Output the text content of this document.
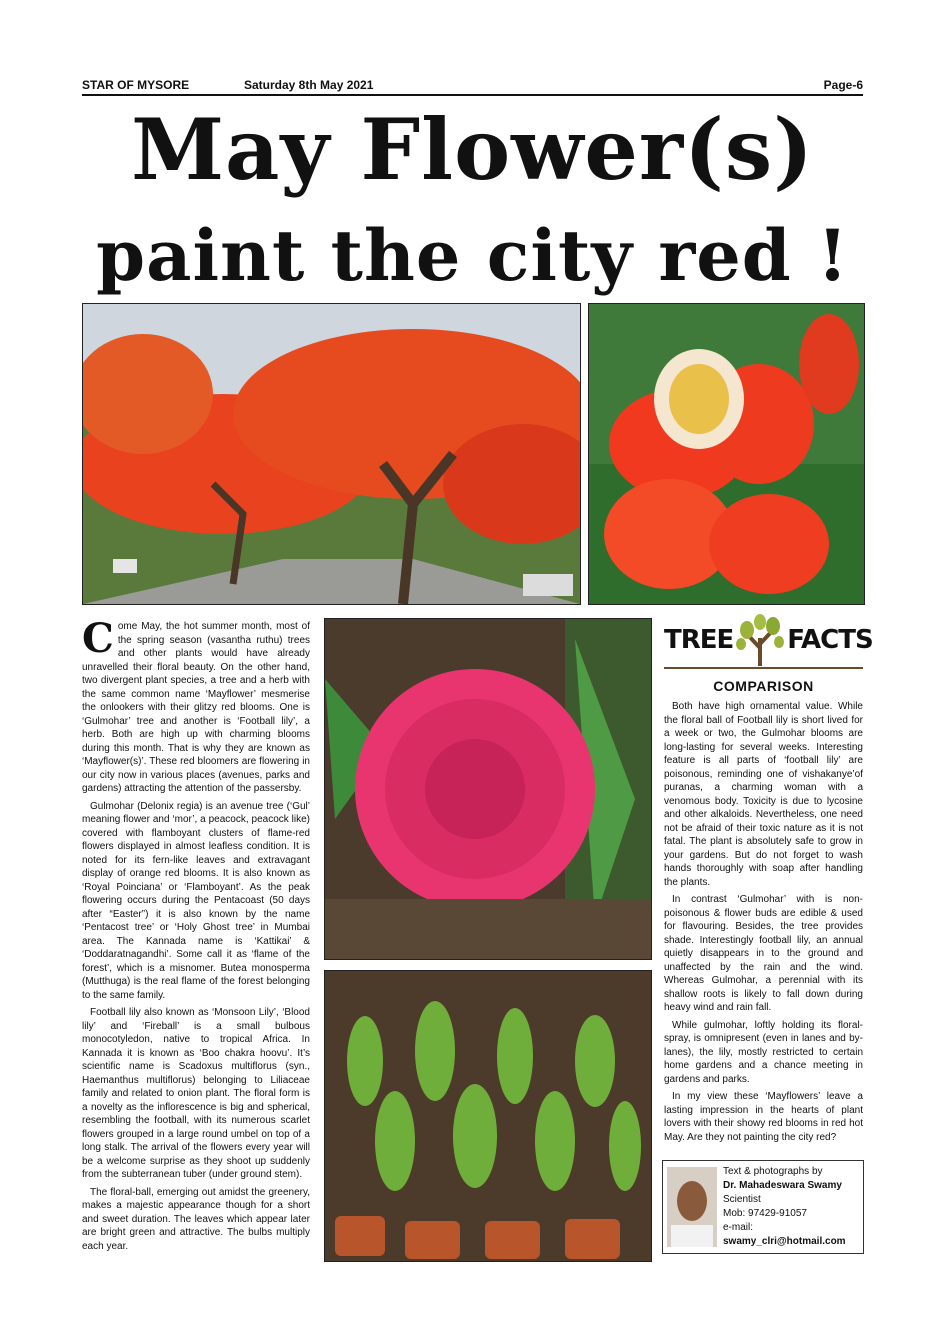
STAR OF MYSORE	Saturday 8th May 2021	Page-6
May Flower(s)
paint the city red !

Come May, the hot summer month, most of the spring season (vasantha ruthu) trees and other plants would have already unravelled their floral beauty. On the other hand, two divergent plant species, a tree and a herb with the same common name ‘Mayflower’ mesmerise the onlookers with their glitzy red blooms. One is ‘Gulmohar’ tree and another is ‘Football lily’, a herb. Both are high up with charming blooms during this month. That is why they are known as ‘Mayflower(s)’. These red bloomers are flowering in our city now in various places (avenues, parks and gardens) attracting the attention of the passersby.

Gulmohar (Delonix regia) is an avenue tree (‘Gul’ meaning flower and ‘mor’, a peacock, peacock like) covered with flamboyant clusters of flame-red flowers displayed in almost leafless condition. It is noted for its fern-like leaves and extravagant display of orange red blooms. It is also known as ‘Royal Poinciana’ or ‘Flamboyant’. As the peak flowering occurs during the Pentacoast (50 days after “Easter”) it is also known by the name ‘Pentacost tree’ or ‘Holy Ghost tree’ in Mumbai area. The Kannada name is ‘Kattikai’ & ‘Doddaratnagandhi’. Some call it as ‘flame of the forest’, which is a misnomer. Butea monosperma (Mutthuga) is the real flame of the forest belonging to the same family.

Football lily also known as ‘Monsoon Lily’, ‘Blood lily’ and ‘Fireball’ is a small bulbous monocotyledon, native to tropical Africa. In Kannada it is known as ‘Boo chakra hoovu’. It’s scientific name is Scadoxus multiflorus (syn., Haemanthus multiflorus) belonging to Liliaceae family and related to onion plant. The floral form is a novelty as the inflorescence is big and spherical, resembling the football, with its numerous scarlet flowers grouped in a large round umbel on top of a long stalk. The arrival of the flowers every year will be a welcome surprise as they shoot up suddenly from the subterranean tuber (under ground stem).

The floral-ball, emerging out amidst the greenery, makes a majestic appearance though for a short and sweet duration. The leaves which appear later are bright green and attractive. The bulbs multiply each year.

TREE FACTS
COMPARISON

Both have high ornamental value. While the floral ball of Football lily is short lived for a week or two, the Gulmohar blooms are long-lasting for several weeks. Interesting feature is all parts of ‘football lily’ are poisonous, reminding one of vishakanye’of puranas, a charming woman with a venomous body. Toxicity is due to lycosine and other alkaloids. Nevertheless, one need not be afraid of their toxic nature as it is not fatal. The plant is absolutely safe to grow in your gardens. But do not forget to wash hands thoroughly with soap after handling the plants.

In contrast ‘Gulmohar’ with is non-poisonous & flower buds are edible & used for flavouring. Besides, the tree provides shade. Interestingly football lily, an annual quietly disappears in to the ground and unaffected by the rain and the wind. Whereas Gulmohar, a perennial with its shallow roots is likely to fall down during heavy wind and rain fall.

While gulmohar, loftly holding its floral-spray, is omnipresent (even in lanes and by-lanes), the lily, mostly restricted to certain home gardens and a chance meeting in gardens and parks.

In my view these ‘Mayflowers’ leave a lasting impression in the hearts of plant lovers with their showy red blooms in red hot May. Are they not painting the city red?

Text & photographs by
Dr. Mahadeswara Swamy
Scientist
Mob: 97429-91057
e-mail:
swamy_clri@hotmail.com
